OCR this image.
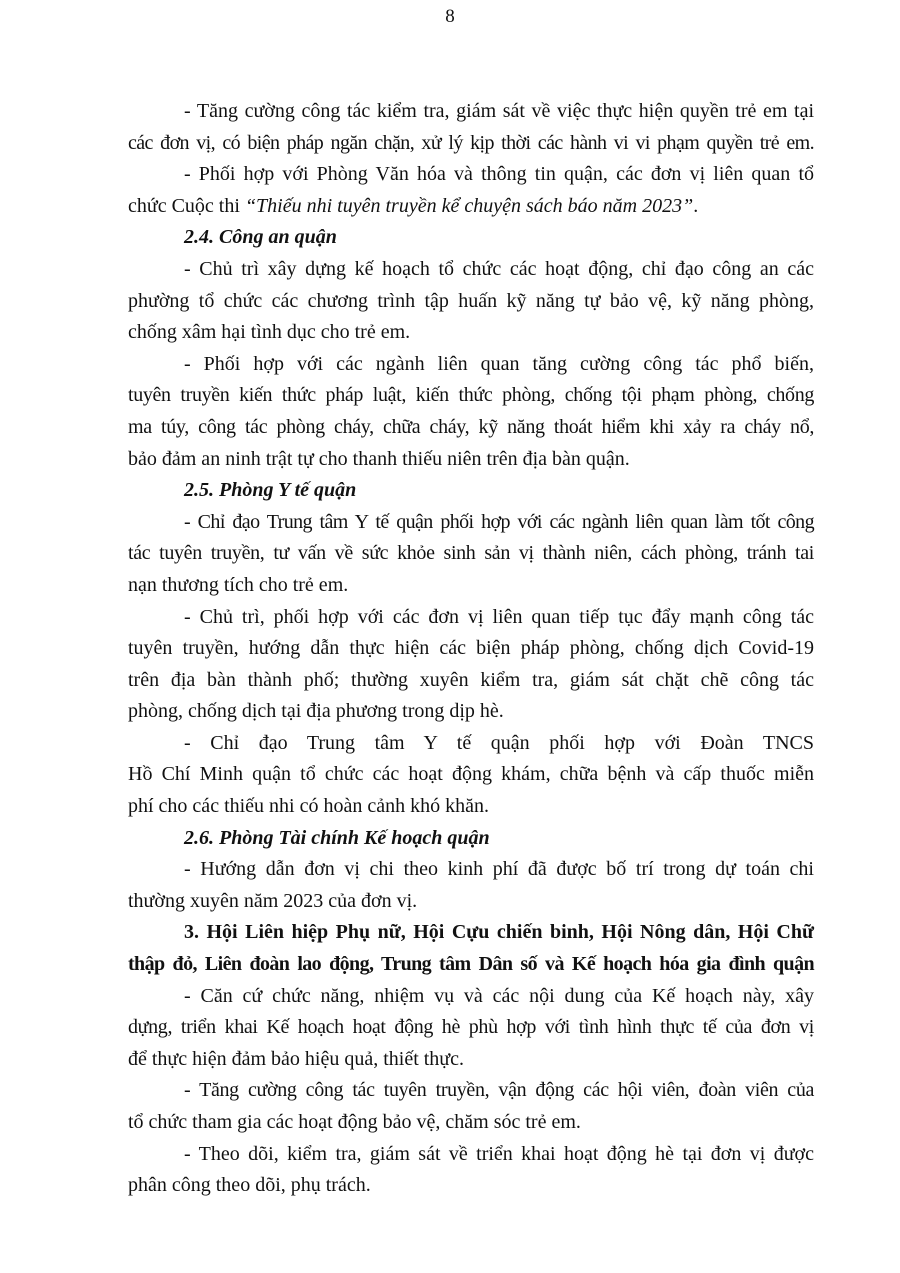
8
- Tăng cường công tác kiểm tra, giám sát về việc thực hiện quyền trẻ em tại
các đơn vị, có biện pháp ngăn chặn, xử lý kịp thời các hành vi vi phạm quyền trẻ em.
- Phối hợp với Phòng Văn hóa và thông tin quận, các đơn vị liên quan tổ
chức Cuộc thi “Thiếu nhi tuyên truyền kể chuyện sách báo năm 2023”.
2.4. Công an quận
- Chủ trì xây dựng kế hoạch tổ chức các hoạt động, chỉ đạo công an các
phường tổ chức các chương trình tập huấn kỹ năng tự bảo vệ, kỹ năng phòng,
chống xâm hại tình dục cho trẻ em.
- Phối hợp với các ngành liên quan tăng cường công tác phổ biến,
tuyên truyền kiến thức pháp luật, kiến thức phòng, chống tội phạm phòng, chống
ma túy, công tác phòng cháy, chữa cháy, kỹ năng thoát hiểm khi xảy ra cháy nổ,
bảo đảm an ninh trật tự cho thanh thiếu niên trên địa bàn quận.
2.5. Phòng Y tế quận
- Chỉ đạo Trung tâm Y tế quận phối hợp với các ngành liên quan làm tốt công
tác tuyên truyền, tư vấn về sức khỏe sinh sản vị thành niên, cách phòng, tránh tai
nạn thương tích cho trẻ em.
- Chủ trì, phối hợp với các đơn vị liên quan tiếp tục đẩy mạnh công tác
tuyên truyền, hướng dẫn thực hiện các biện pháp phòng, chống dịch Covid-19
trên địa bàn thành phố; thường xuyên kiểm tra, giám sát chặt chẽ công tác
phòng, chống dịch tại địa phương trong dịp hè.
- Chỉ đạo Trung tâm Y tế quận phối hợp với Đoàn TNCS
Hồ Chí Minh quận tổ chức các hoạt động khám, chữa bệnh và cấp thuốc miễn
phí cho các thiếu nhi có hoàn cảnh khó khăn.
2.6. Phòng Tài chính Kế hoạch quận
- Hướng dẫn đơn vị chi theo kinh phí đã được bố trí trong dự toán chi
thường xuyên năm 2023 của đơn vị.
3. Hội Liên hiệp Phụ nữ, Hội Cựu chiến binh, Hội Nông dân, Hội Chữ
thập đỏ, Liên đoàn lao động, Trung tâm Dân số và Kế hoạch hóa gia đình quận
- Căn cứ chức năng, nhiệm vụ và các nội dung của Kế hoạch này, xây
dựng, triển khai Kế hoạch hoạt động hè phù hợp với tình hình thực tế của đơn vị
để thực hiện đảm bảo hiệu quả, thiết thực.
- Tăng cường công tác tuyên truyền, vận động các hội viên, đoàn viên của
tổ chức tham gia các hoạt động bảo vệ, chăm sóc trẻ em.
- Theo dõi, kiểm tra, giám sát về triển khai hoạt động hè tại đơn vị được
phân công theo dõi, phụ trách.
